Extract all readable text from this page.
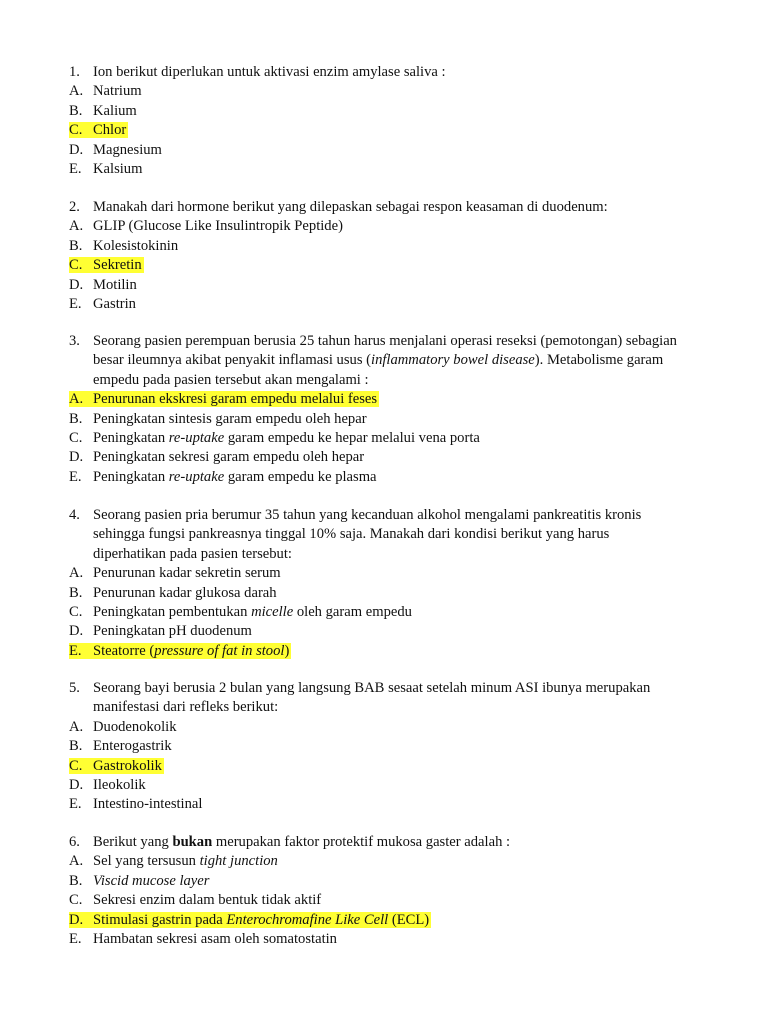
1. Ion berikut diperlukan untuk aktivasi enzim amylase saliva :
A. Natrium
B. Kalium
C. Chlor
D. Magnesium
E. Kalsium
2. Manakah dari hormone berikut yang dilepaskan sebagai respon keasaman di duodenum:
A. GLIP (Glucose Like Insulintropik Peptide)
B. Kolesistokinin
C. Sekretin
D. Motilin
E. Gastrin
3. Seorang pasien perempuan berusia 25 tahun harus menjalani operasi reseksi (pemotongan) sebagian
besar ileumnya akibat penyakit inflamasi usus (inflammatory bowel disease). Metabolisme garam
empedu pada pasien tersebut akan mengalami :
A. Penurunan ekskresi garam empedu melalui feses
B. Peningkatan sintesis garam empedu oleh hepar
C. Peningkatan re-uptake garam empedu ke hepar melalui vena porta
D. Peningkatan sekresi garam empedu oleh hepar
E. Peningkatan re-uptake garam empedu ke plasma
4. Seorang pasien pria berumur 35 tahun yang kecanduan alkohol mengalami pankreatitis kronis
sehingga fungsi pankreasnya tinggal 10% saja. Manakah dari kondisi berikut yang harus
diperhatikan pada pasien tersebut:
A. Penurunan kadar sekretin serum
B. Penurunan kadar glukosa darah
C. Peningkatan pembentukan micelle oleh garam empedu
D. Peningkatan pH duodenum
E. Steatorre (pressure of fat in stool)
5. Seorang bayi berusia 2 bulan yang langsung BAB sesaat setelah minum ASI ibunya merupakan
manifestasi dari refleks berikut:
A. Duodenokolik
B. Enterogastrik
C. Gastrokolik
D. Ileokolik
E. Intestino-intestinal
6. Berikut yang bukan merupakan faktor protektif mukosa gaster adalah :
A. Sel yang tersusun tight junction
B. Viscid mucose layer
C. Sekresi enzim dalam bentuk tidak aktif
D. Stimulasi gastrin pada Enterochromafine Like Cell (ECL)
E. Hambatan sekresi asam oleh somatostatin
